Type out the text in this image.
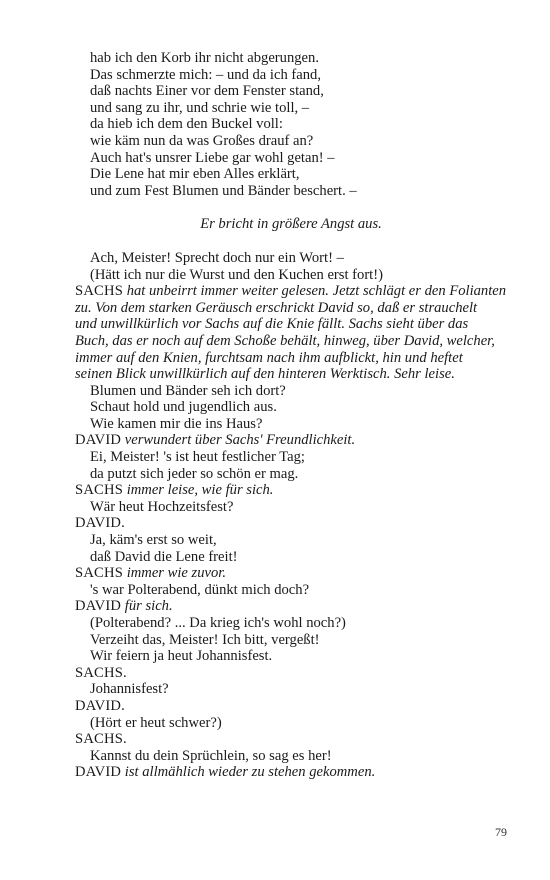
hab ich den Korb ihr nicht abgerungen.
Das schmerzte mich: – und da ich fand,
daß nachts Einer vor dem Fenster stand,
und sang zu ihr, und schrie wie toll, –
da hieb ich dem den Buckel voll:
wie käm nun da was Großes drauf an?
Auch hat's unsrer Liebe gar wohl getan! –
Die Lene hat mir eben Alles erklärt,
und zum Fest Blumen und Bänder beschert. –
Er bricht in größere Angst aus.
Ach, Meister! Sprecht doch nur ein Wort! –
(Hätt ich nur die Wurst und den Kuchen erst fort!)
SACHS hat unbeirrt immer weiter gelesen. Jetzt schlägt er den Folianten
zu. Von dem starken Geräusch erschrickt David so, daß er strauchelt
und unwillkürlich vor Sachs auf die Knie fällt. Sachs sieht über das
Buch, das er noch auf dem Schoße behält, hinweg, über David, welcher,
immer auf den Knien, furchtsam nach ihm aufblickt, hin und heftet
seinen Blick unwillkürlich auf den hinteren Werktisch. Sehr leise.
Blumen und Bänder seh ich dort?
Schaut hold und jugendlich aus.
Wie kamen mir die ins Haus?
DAVID verwundert über Sachs' Freundlichkeit.
Ei, Meister! 's ist heut festlicher Tag;
da putzt sich jeder so schön er mag.
SACHS immer leise, wie für sich.
Wär heut Hochzeitsfest?
DAVID.
Ja, käm's erst so weit,
daß David die Lene freit!
SACHS immer wie zuvor.
's war Polterabend, dünkt mich doch?
DAVID für sich.
(Polterabend? ... Da krieg ich's wohl noch?)
Verzeiht das, Meister! Ich bitt, vergeßt!
Wir feiern ja heut Johannisfest.
SACHS.
Johannisfest?
DAVID.
(Hört er heut schwer?)
SACHS.
Kannst du dein Sprüchlein, so sag es her!
DAVID ist allmählich wieder zu stehen gekommen.
79
